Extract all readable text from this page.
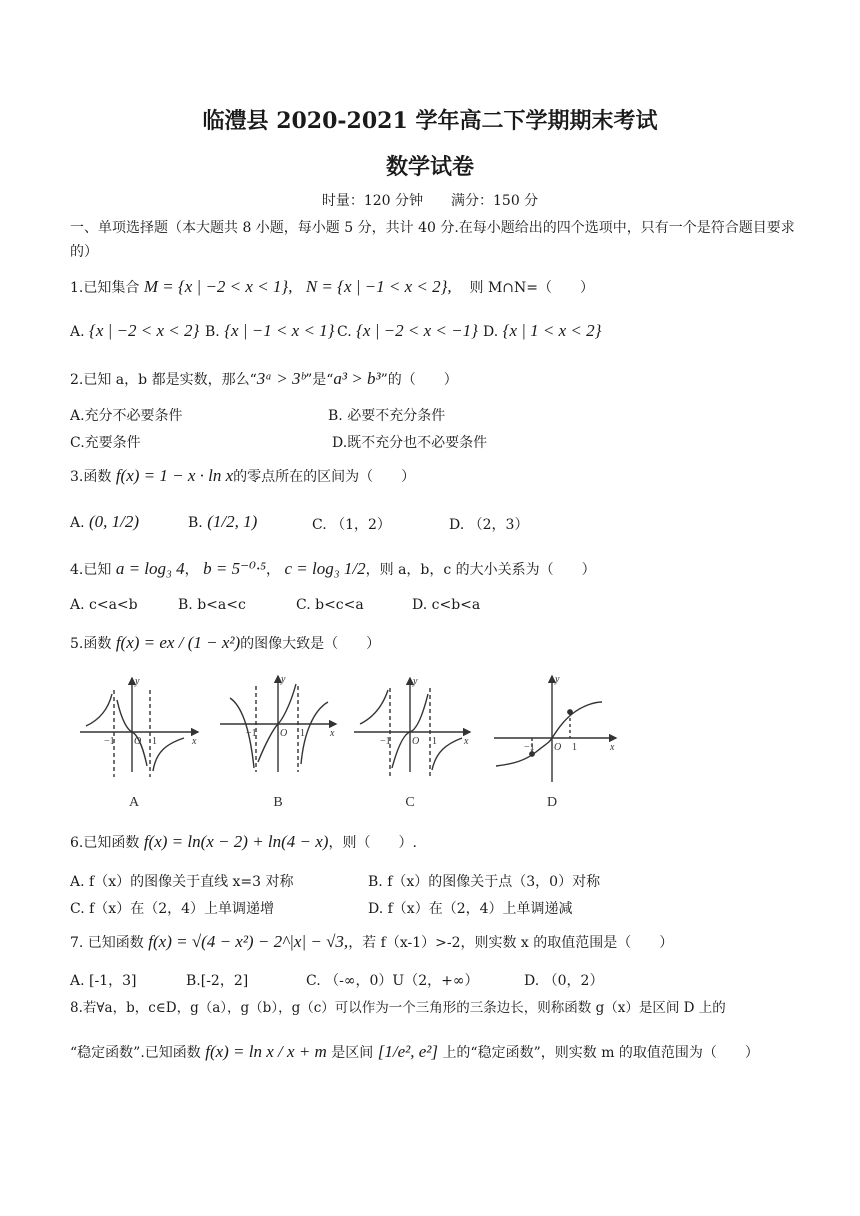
临澧县 2020-2021 学年高二下学期期末考试
数学试卷
时量：120 分钟　　满分：150 分
一、单项选择题（本大题共 8 小题，每小题 5 分，共计 40 分.在每小题给出的四个选项中，只有一个是符合题目要求的）
1.已知集合 M = {x | −2 < x < 1}, N = {x | −1 < x < 2}, 则 M∩N=（　　）
A. {x | −2 < x < 2} B. {x | −1 < x < 1} C. {x | −2 < x < −1} D. {x | 1 < x < 2}
2.已知 a，b 都是实数，那么“3ᵃ > 3ᵇ”是“a³ > b³”的（　　）
A.充分不必要条件	B. 必要不充分条件
C.充要条件	D.既不充分也不必要条件
3.函数 f(x) = 1 − x · ln x的零点所在的区间为（　　）
A. (0, 1/2)	B. (1/2, 1)	C. （1，2）	D. （2，3）
4.已知 a = log₃ 4， b = 5⁻⁰·⁵， c = log₃ 1/2，则 a，b，c 的大小关系为（　　）
A. c<a<b	B. b<a<c	C. b<c<a	D. c<b<a
5.函数 f(x) = ex / (1 − x²)的图像大致是（　　）
y
x
−1 O 1
y
x
−1 O 1
y
x
−1 O 1
y
x
−1 O 1
A	B	C	D
6.已知函数 f(x) = ln(x − 2) + ln(4 − x)，则（　　）.
A. f（x）的图像关于直线 x=3 对称	B. f（x）的图像关于点（3，0）对称
C. f（x）在（2，4）上单调递增	D. f（x）在（2，4）上单调递减
7. 已知函数 f(x) = √(4 − x²) − 2^|x| − √3,，若 f（x-1）>-2，则实数 x 的取值范围是（　　）
A. [-1，3]	B.[-2，2]	C. （-∞，0）U（2，+∞）	D. （0，2）
8.若∀a，b，c∈D，g（a），g（b），g（c）可以作为一个三角形的三条边长，则称函数 g（x）是区间 D 上的
“稳定函数”.已知函数 f(x) = ln x / x + m 是区间 [1/e², e²] 上的“稳定函数”，则实数 m 的取值范围为（　　）
